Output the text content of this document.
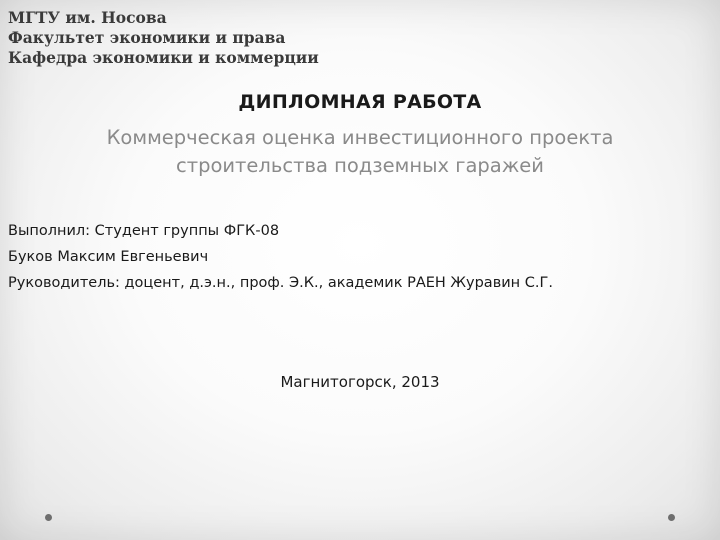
МГТУ им. Носова
Факультет экономики и права
Кафедра экономики и коммерции
ДИПЛОМНАЯ РАБОТА
Коммерческая оценка инвестиционного проекта
строительства подземных гаражей
Выполнил: Студент группы ФГК-08
Буков Максим Евгеньевич
Руководитель: доцент, д.э.н., проф. Э.К., академик РАЕН Журавин С.Г.
Магнитогорск, 2013
